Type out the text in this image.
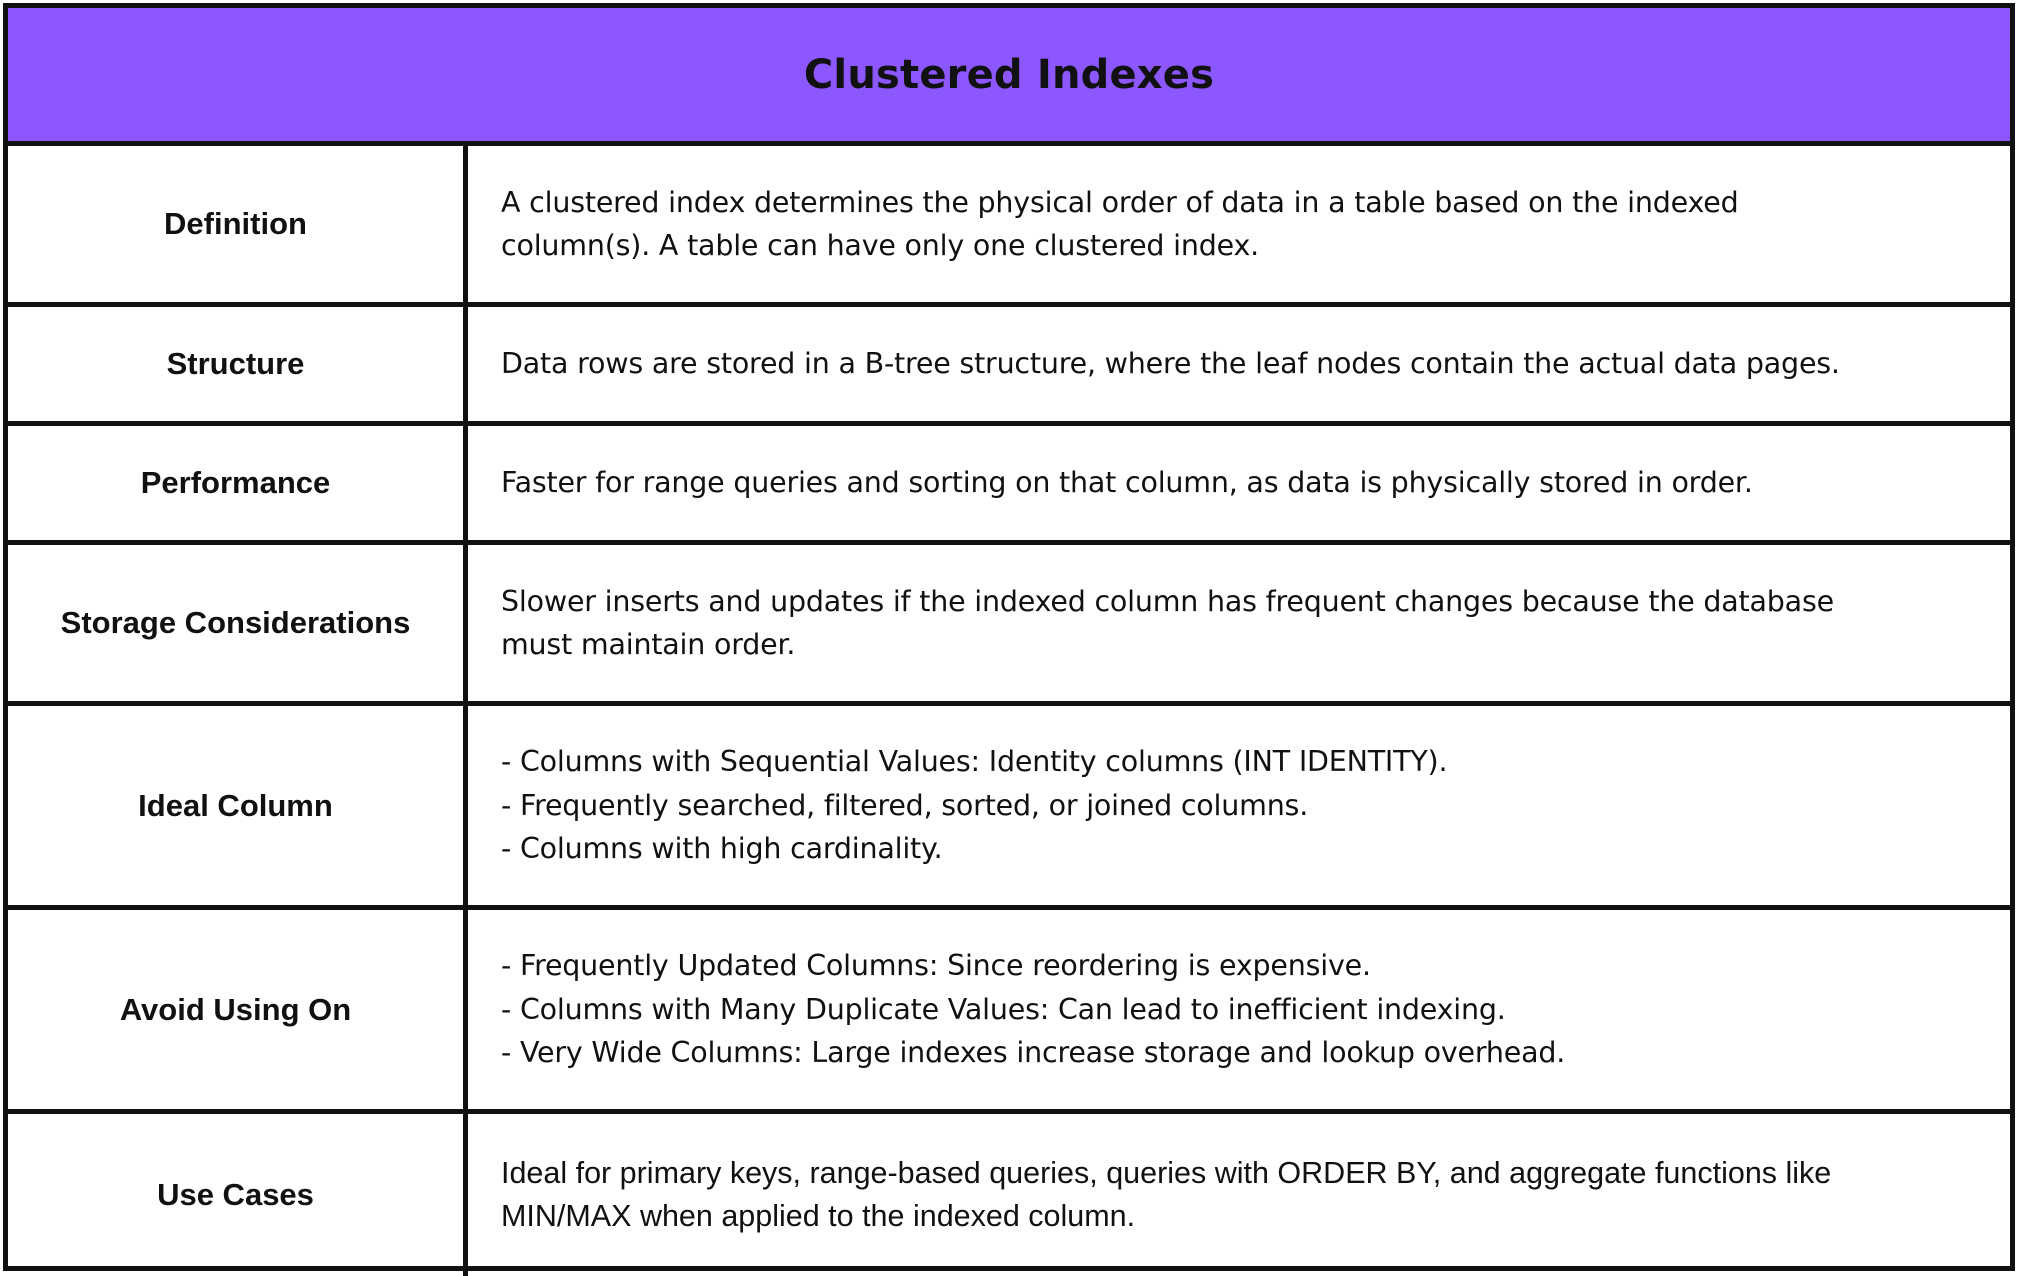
Clustered Indexes
Definition
A clustered index determines the physical order of data in a table based on the indexed
column(s). A table can have only one clustered index.
Structure	Data rows are stored in a B-tree structure, where the leaf nodes contain the actual data pages.
Performance	Faster for range queries and sorting on that column, as data is physically stored in order.
Storage Considerations
Slower inserts and updates if the indexed column has frequent changes because the database
must maintain order.
Ideal Column
- Columns with Sequential Values: Identity columns (INT IDENTITY).
- Frequently searched, filtered, sorted, or joined columns.
- Columns with high cardinality.
Avoid Using On
- Frequently Updated Columns: Since reordering is expensive.
- Columns with Many Duplicate Values: Can lead to inefficient indexing.
- Very Wide Columns: Large indexes increase storage and lookup overhead.
Use Cases
Ideal for primary keys, range-based queries, queries with ORDER BY, and aggregate functions like
MIN/MAX when applied to the indexed column.
